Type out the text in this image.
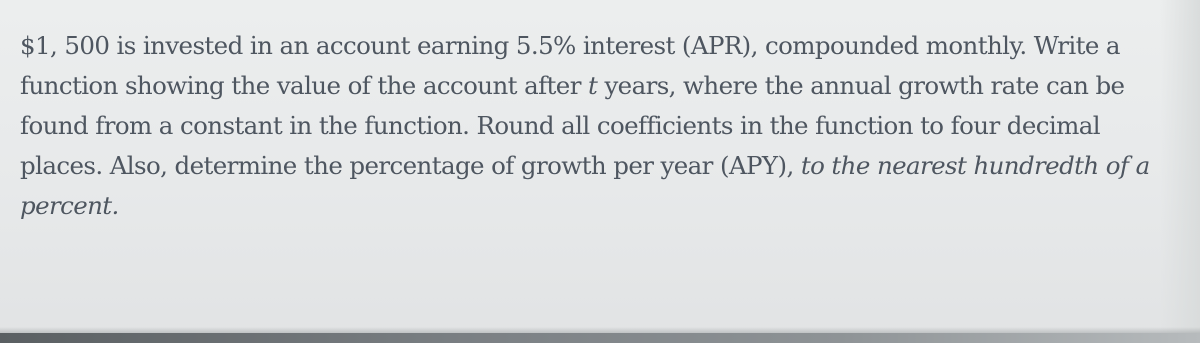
$1, 500 is invested in an account earning 5.5% interest (APR), compounded monthly. Write a function showing the value of the account after t years, where the annual growth rate can be found from a constant in the function. Round all coefficients in the function to four decimal places. Also, determine the percentage of growth per year (APY), to the nearest hundredth of a percent.
